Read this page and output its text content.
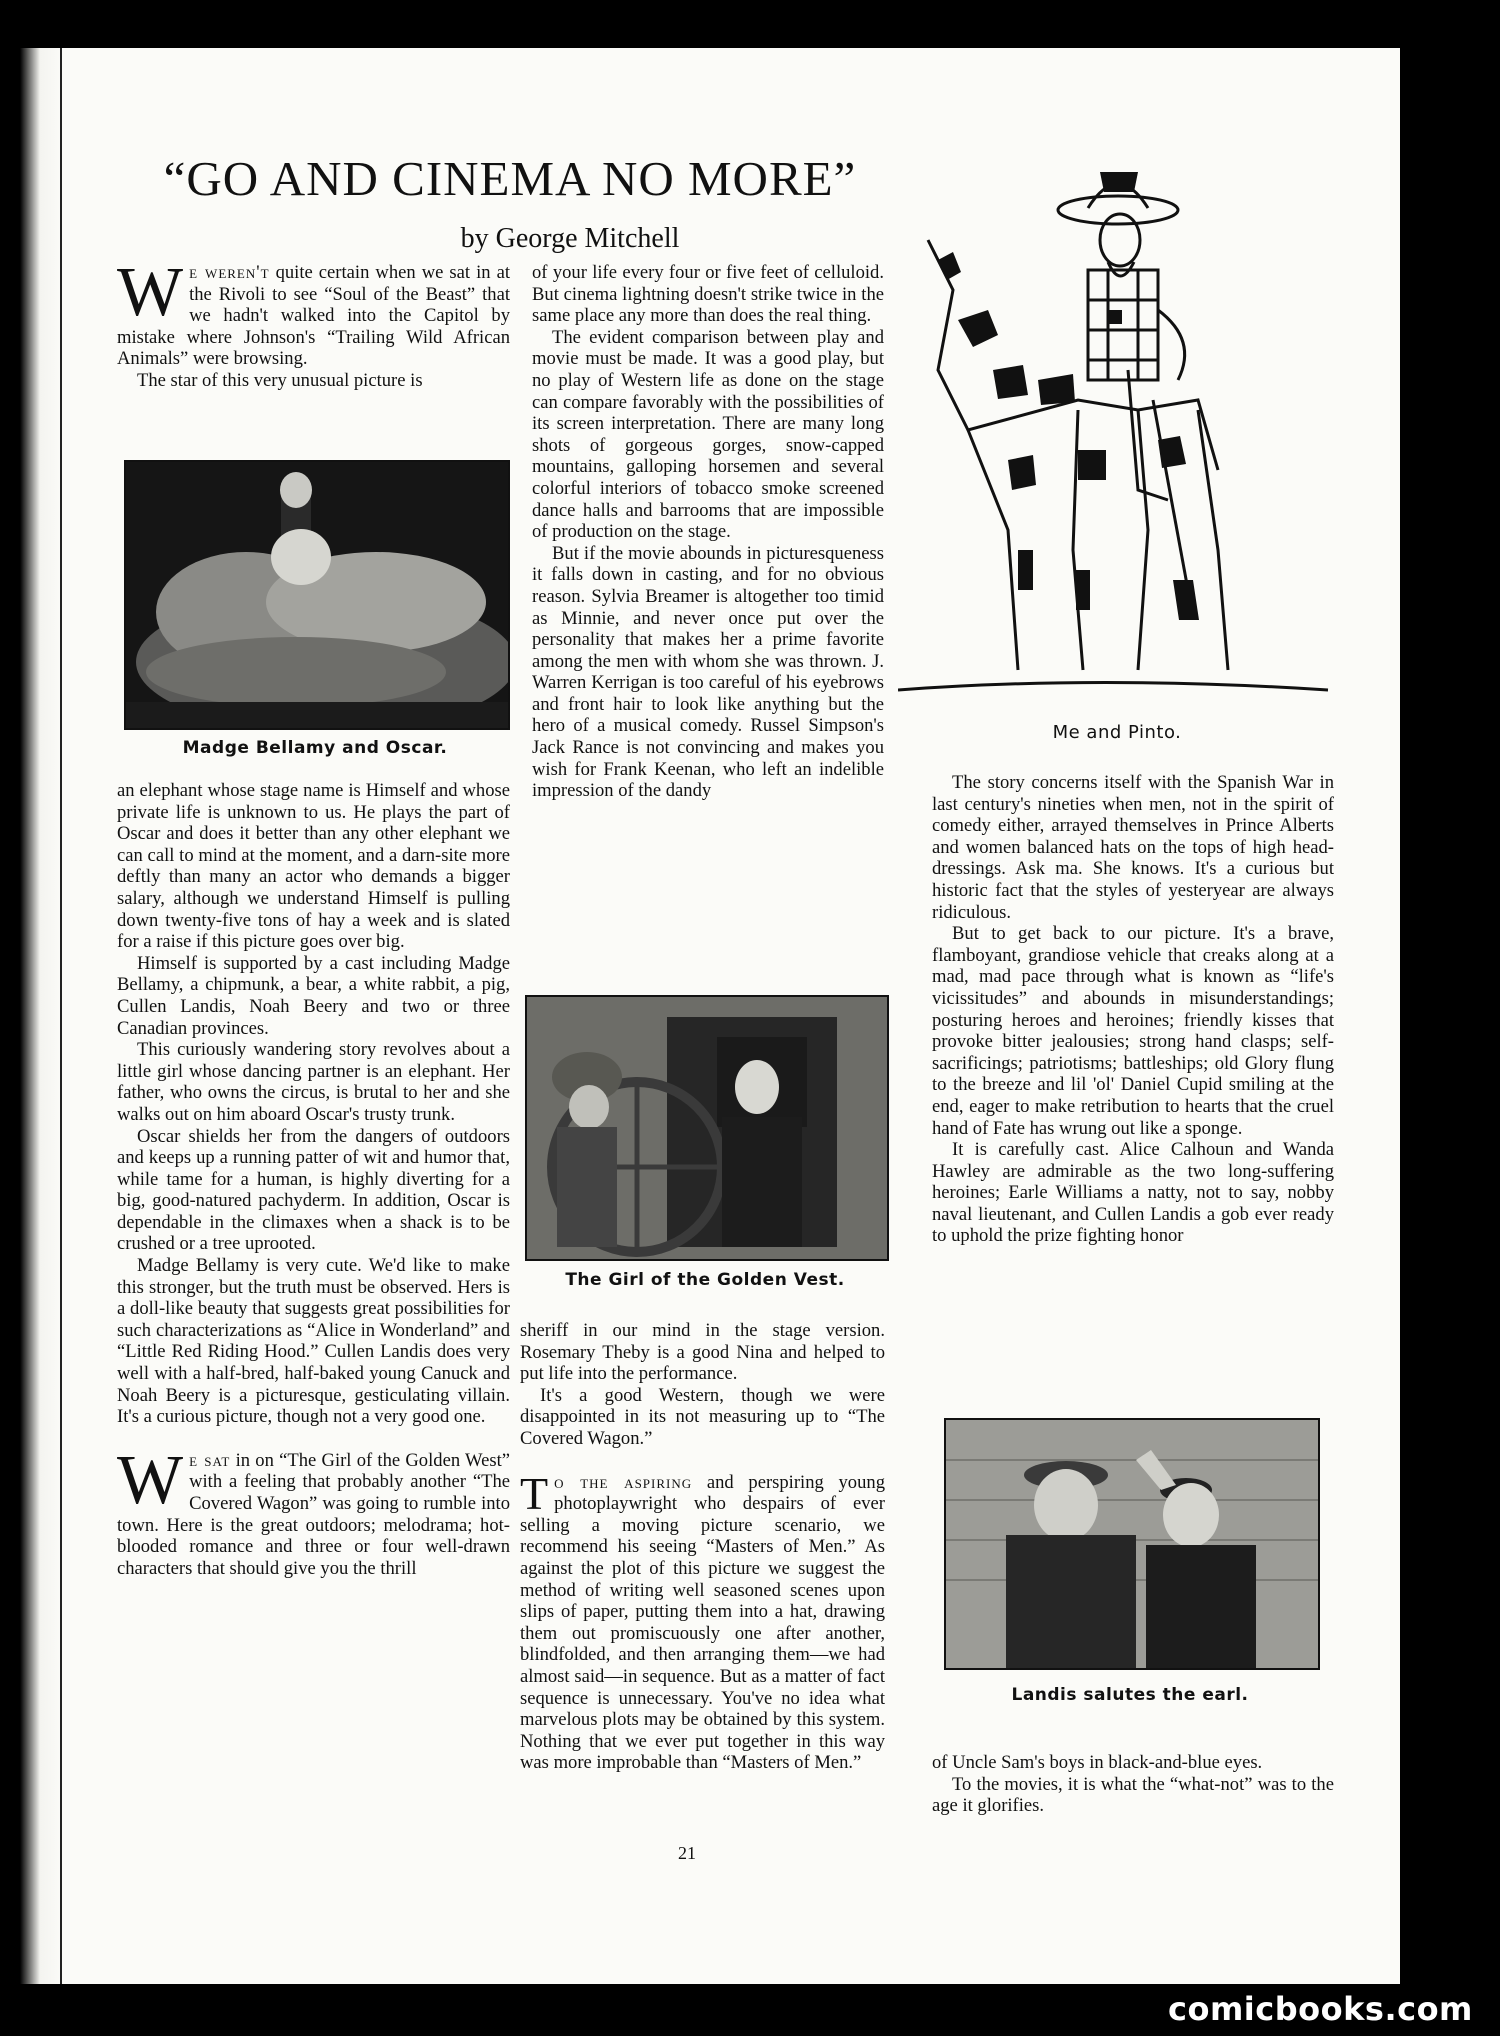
“GO AND CINEMA NO MORE”
by George Mitchell

We weren't quite certain when we sat in at the Rivoli to see “Soul of the Beast” that we hadn't walked into the Capitol by mistake where Johnson's “Trailing Wild African Animals” were browsing.

The star of this very unusual picture is

Madge Bellamy and Oscar.

an elephant whose stage name is Himself and whose private life is unknown to us. He plays the part of Oscar and does it better than any other elephant we can call to mind at the moment, and a darn-site more deftly than many an actor who demands a bigger salary, although we understand Himself is pulling down twenty-five tons of hay a week and is slated for a raise if this picture goes over big.

Himself is supported by a cast including Madge Bellamy, a chipmunk, a bear, a white rabbit, a pig, Cullen Landis, Noah Beery and two or three Canadian provinces.

This curiously wandering story revolves about a little girl whose dancing partner is an elephant. Her father, who owns the circus, is brutal to her and she walks out on him aboard Oscar's trusty trunk.

Oscar shields her from the dangers of outdoors and keeps up a running patter of wit and humor that, while tame for a human, is highly diverting for a big, good-natured pachyderm. In addition, Oscar is dependable in the climaxes when a shack is to be crushed or a tree uprooted.

Madge Bellamy is very cute. We'd like to make this stronger, but the truth must be observed. Hers is a doll-like beauty that suggests great possibilities for such characterizations as “Alice in Wonderland” and “Little Red Riding Hood.” Cullen Landis does very well with a half-bred, half-baked young Canuck and Noah Beery is a picturesque, gesticulating villain. It's a curious picture, though not a very good one.

We sat in on “The Girl of the Golden West” with a feeling that probably another “The Covered Wagon” was going to rumble into town. Here is the great outdoors; melodrama; hot-blooded romance and three or four well-drawn characters that should give you the thrill

of your life every four or five feet of celluloid. But cinema lightning doesn't strike twice in the same place any more than does the real thing.

The evident comparison between play and movie must be made. It was a good play, but no play of Western life as done on the stage can compare favorably with the possibilities of its screen interpretation. There are many long shots of gorgeous gorges, snow-capped mountains, galloping horsemen and several colorful interiors of tobacco smoke screened dance halls and barrooms that are impossible of production on the stage.

But if the movie abounds in picturesqueness it falls down in casting, and for no obvious reason. Sylvia Breamer is altogether too timid as Minnie, and never once put over the personality that makes her a prime favorite among the men with whom she was thrown. J. Warren Kerrigan is too careful of his eyebrows and front hair to look like anything but the hero of a musical comedy. Russel Simpson's Jack Rance is not convincing and makes you wish for Frank Keenan, who left an indelible impression of the dandy

The Girl of the Golden Vest.

sheriff in our mind in the stage version. Rosemary Theby is a good Nina and helped to put life into the performance.

It's a good Western, though we were disappointed in its not measuring up to “The Covered Wagon.”

To the aspiring and perspiring young photoplaywright who despairs of ever selling a moving picture scenario, we recommend his seeing “Masters of Men.” As against the plot of this picture we suggest the method of writing well seasoned scenes upon slips of paper, putting them into a hat, drawing them out promiscuously one after another, blindfolded, and then arranging them—we had almost said—in sequence. But as a matter of fact sequence is unnecessary. You've no idea what marvelous plots may be obtained by this system. Nothing that we ever put together in this way was more improbable than “Masters of Men.”

Me and Pinto.

The story concerns itself with the Spanish War in last century's nineties when men, not in the spirit of comedy either, arrayed themselves in Prince Alberts and women balanced hats on the tops of high head-dressings. Ask ma. She knows. It's a curious but historic fact that the styles of yesteryear are always ridiculous.

But to get back to our picture. It's a brave, flamboyant, grandiose vehicle that creaks along at a mad, mad pace through what is known as “life's vicissitudes” and abounds in misunderstandings; posturing heroes and heroines; friendly kisses that provoke bitter jealousies; strong hand clasps; self-sacrificings; patriotisms; battleships; old Glory flung to the breeze and lil 'ol' Daniel Cupid smiling at the end, eager to make retribution to hearts that the cruel hand of Fate has wrung out like a sponge.

It is carefully cast. Alice Calhoun and Wanda Hawley are admirable as the two long-suffering heroines; Earle Williams a natty, not to say, nobby naval lieutenant, and Cullen Landis a gob ever ready to uphold the prize fighting honor

Landis salutes the earl.

of Uncle Sam's boys in black-and-blue eyes.

To the movies, it is what the “what-not” was to the age it glorifies.

21
comicbooks.com
